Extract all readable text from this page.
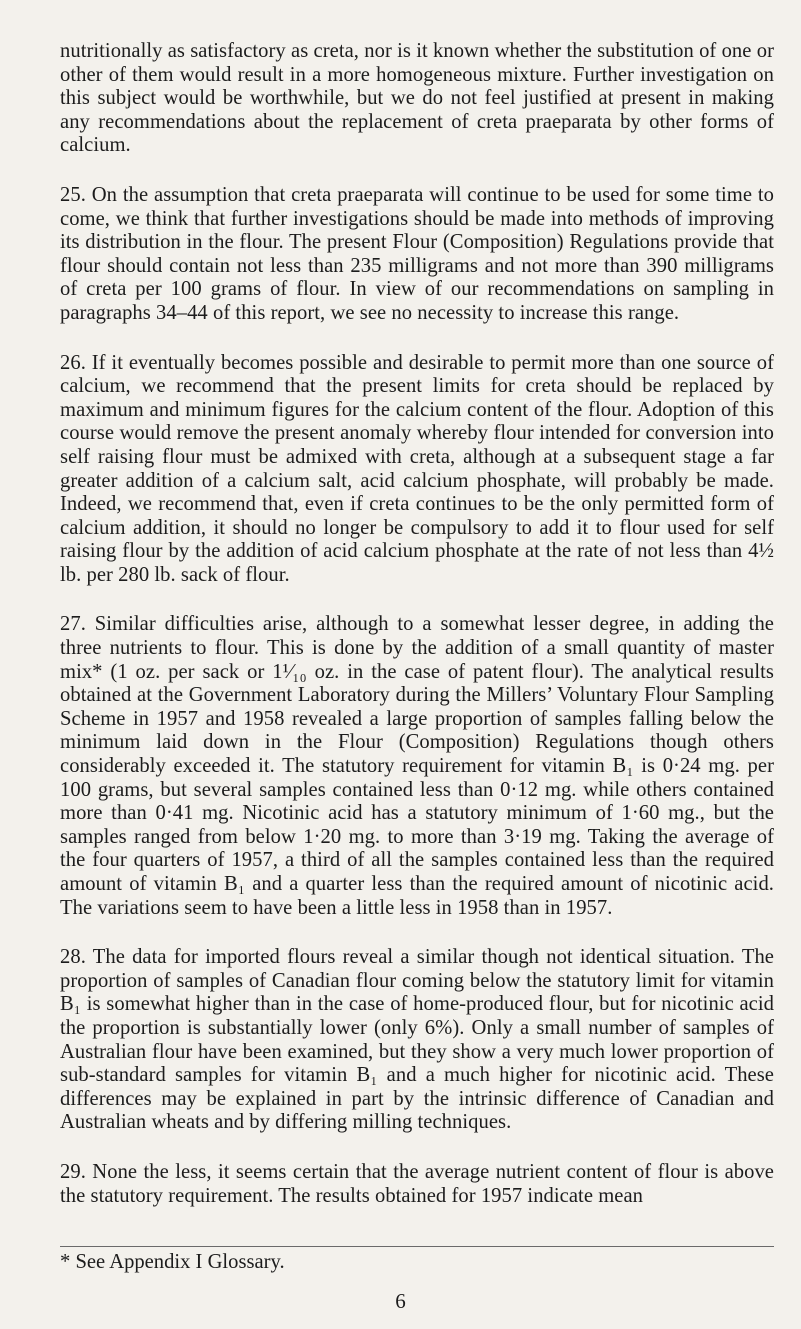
nutritionally as satisfactory as creta, nor is it known whether the substitution of one or other of them would result in a more homogeneous mixture. Further investigation on this subject would be worthwhile, but we do not feel justified at present in making any recommendations about the replacement of creta praeparata by other forms of calcium.

25. On the assumption that creta praeparata will continue to be used for some time to come, we think that further investigations should be made into methods of improving its distribution in the flour. The present Flour (Composition) Regulations provide that flour should contain not less than 235 milligrams and not more than 390 milligrams of creta per 100 grams of flour. In view of our recommendations on sampling in paragraphs 34–44 of this report, we see no necessity to increase this range.

26. If it eventually becomes possible and desirable to permit more than one source of calcium, we recommend that the present limits for creta should be replaced by maximum and minimum figures for the calcium content of the flour. Adoption of this course would remove the present anomaly whereby flour intended for conversion into self raising flour must be admixed with creta, although at a subsequent stage a far greater addition of a calcium salt, acid calcium phosphate, will probably be made. Indeed, we recommend that, even if creta continues to be the only permitted form of calcium addition, it should no longer be compulsory to add it to flour used for self raising flour by the addition of acid calcium phosphate at the rate of not less than 4½ lb. per 280 lb. sack of flour.

27. Similar difficulties arise, although to a somewhat lesser degree, in adding the three nutrients to flour. This is done by the addition of a small quantity of master mix* (1 oz. per sack or 1¹⁄₁₀ oz. in the case of patent flour). The analytical results obtained at the Government Laboratory during the Millers’ Voluntary Flour Sampling Scheme in 1957 and 1958 revealed a large proportion of samples falling below the minimum laid down in the Flour (Composition) Regulations though others considerably exceeded it. The statutory requirement for vitamin B₁ is 0·24 mg. per 100 grams, but several samples contained less than 0·12 mg. while others contained more than 0·41 mg. Nicotinic acid has a statutory minimum of 1·60 mg., but the samples ranged from below 1·20 mg. to more than 3·19 mg. Taking the average of the four quarters of 1957, a third of all the samples contained less than the required amount of vitamin B₁ and a quarter less than the required amount of nicotinic acid. The variations seem to have been a little less in 1958 than in 1957.

28. The data for imported flours reveal a similar though not identical situation. The proportion of samples of Canadian flour coming below the statutory limit for vitamin B₁ is somewhat higher than in the case of home-produced flour, but for nicotinic acid the proportion is substantially lower (only 6%). Only a small number of samples of Australian flour have been examined, but they show a very much lower proportion of sub-standard samples for vitamin B₁ and a much higher for nicotinic acid. These differences may be explained in part by the intrinsic difference of Canadian and Australian wheats and by differing milling techniques.

29. None the less, it seems certain that the average nutrient content of flour is above the statutory requirement. The results obtained for 1957 indicate mean

* See Appendix I Glossary.
6
